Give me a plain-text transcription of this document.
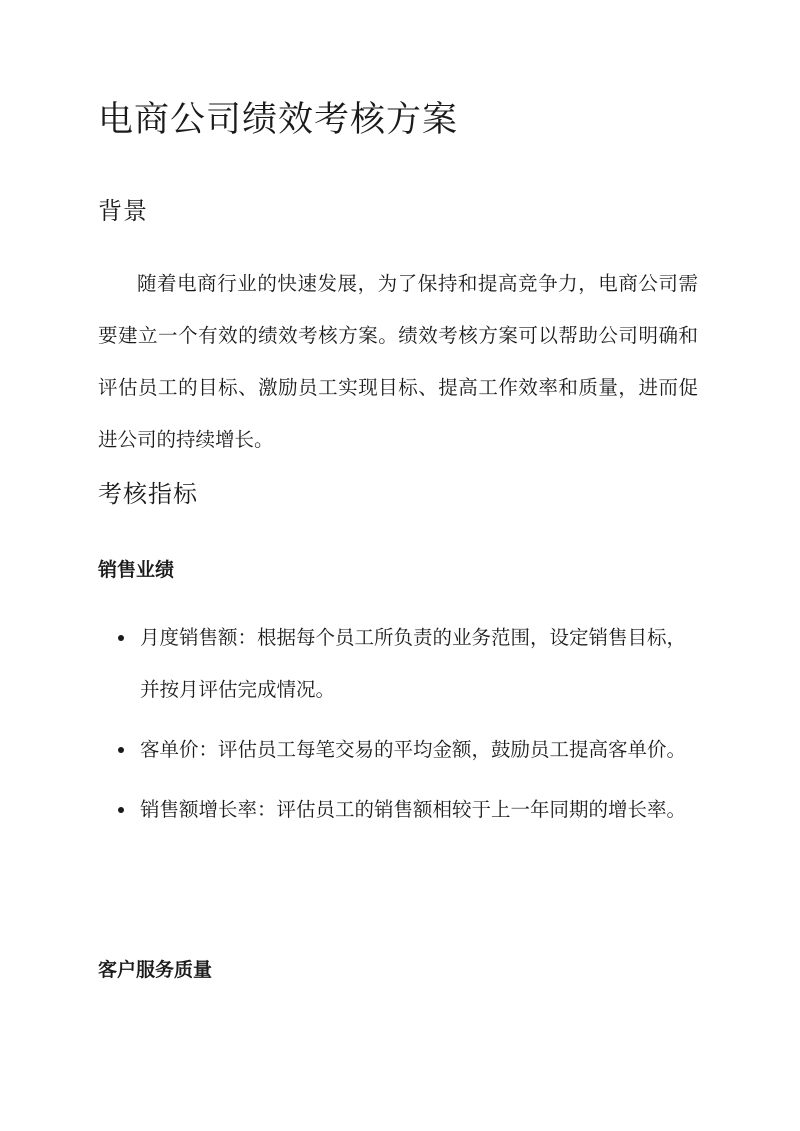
电商公司绩效考核方案
背景

随着电商行业的快速发展，为了保持和提高竞争力，电商公司需要建立一个有效的绩效考核方案。绩效考核方案可以帮助公司明确和评估员工的目标、激励员工实现目标、提高工作效率和质量，进而促进公司的持续增长。

考核指标
销售业绩
月度销售额：根据每个员工所负责的业务范围，设定销售目标，并按月评估完成情况。
客单价：评估员工每笔交易的平均金额，鼓励员工提高客单价。
销售额增长率：评估员工的销售额相较于上一年同期的增长率。
客户服务质量
